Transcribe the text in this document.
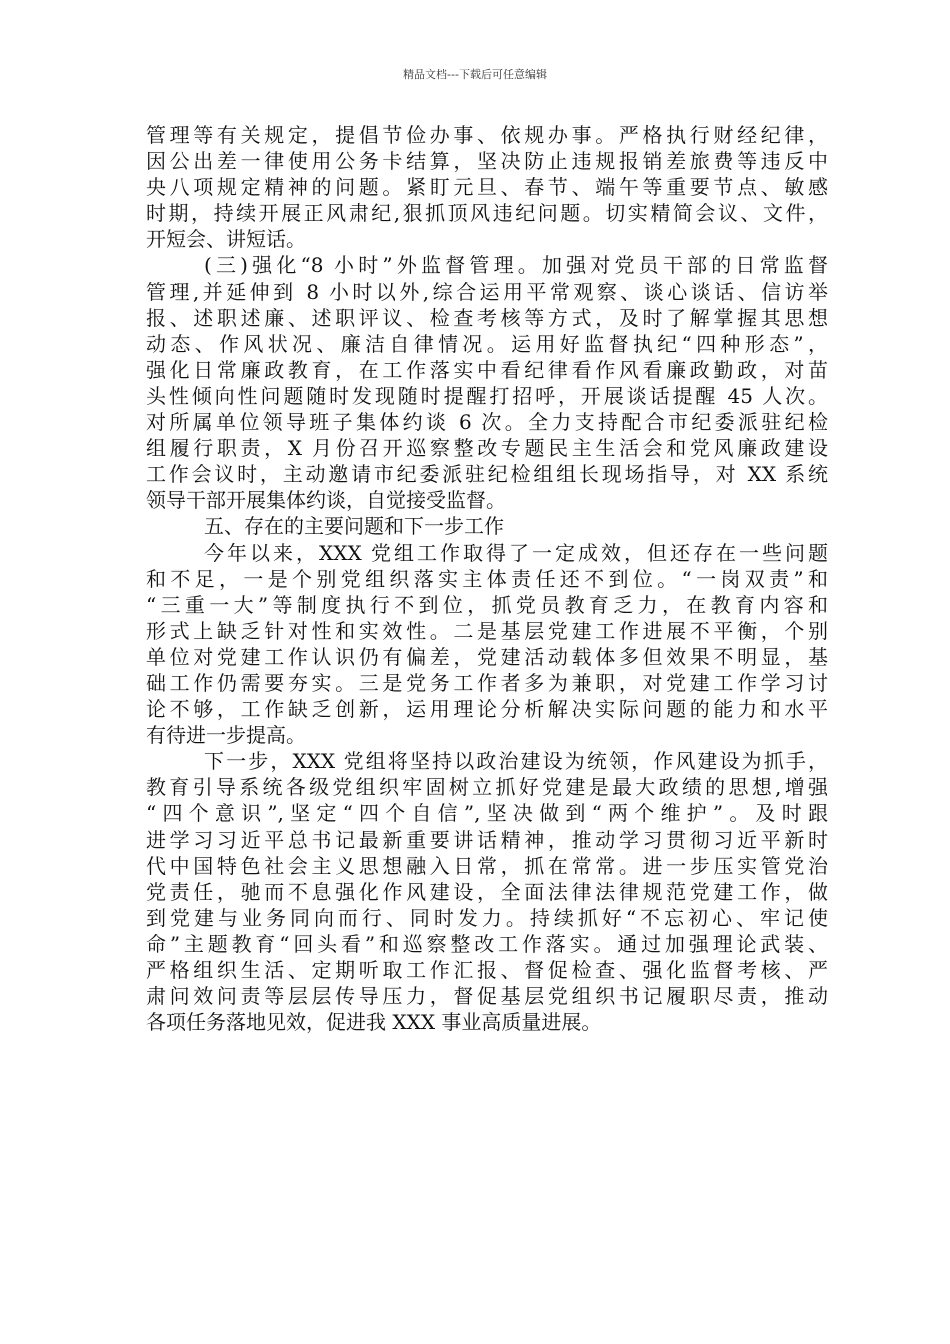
精品文档---下载后可任意编辑

管理等有关规定，提倡节俭办事、依规办事。严格执行财经纪律，

因公出差一律使用公务卡结算，坚决防止违规报销差旅费等违反中

央八项规定精神的问题。紧盯元旦、春节、端午等重要节点、敏感

时期，持续开展正风肃纪,狠抓顶风违纪问题。切实精简会议、文件，

开短会、讲短话。

(三)强化“8 小时”外监督管理。加强对党员干部的日常监督

管理,并延伸到 8 小时以外,综合运用平常观察、谈心谈话、信访举

报、述职述廉、述职评议、检查考核等方式，及时了解掌握其思想

动态、作风状况、廉洁自律情况。运用好监督执纪“四种形态”，

强化日常廉政教育，在工作落实中看纪律看作风看廉政勤政，对苗

头性倾向性问题随时发现随时提醒打招呼，开展谈话提醒 45 人次。

对所属单位领导班子集体约谈 6 次。全力支持配合市纪委派驻纪检

组履行职责，X 月份召开巡察整改专题民主生活会和党风廉政建设

工作会议时，主动邀请市纪委派驻纪检组组长现场指导，对 XX 系统

领导干部开展集体约谈，自觉接受监督。

五、存在的主要问题和下一步工作

今年以来，XXX 党组工作取得了一定成效，但还存在一些问题

和不足，一是个别党组织落实主体责任还不到位。“一岗双责”和

“三重一大”等制度执行不到位，抓党员教育乏力，在教育内容和

形式上缺乏针对性和实效性。二是基层党建工作进展不平衡，个别

单位对党建工作认识仍有偏差，党建活动载体多但效果不明显，基

础工作仍需要夯实。三是党务工作者多为兼职，对党建工作学习讨

论不够，工作缺乏创新，运用理论分析解决实际问题的能力和水平

有待进一步提高。

下一步，XXX 党组将坚持以政治建设为统领，作风建设为抓手，

教育引导系统各级党组织牢固树立抓好党建是最大政绩的思想,增强

“四个意识”,坚定“四个自信”,坚决做到“两个维护”。及时跟

进学习习近平总书记最新重要讲话精神，推动学习贯彻习近平新时

代中国特色社会主义思想融入日常，抓在常常。进一步压实管党治

党责任，驰而不息强化作风建设，全面法律法律规范党建工作，做

到党建与业务同向而行、同时发力。持续抓好“不忘初心、牢记使

命”主题教育“回头看”和巡察整改工作落实。通过加强理论武装、

严格组织生活、定期听取工作汇报、督促检查、强化监督考核、严

肃问效问责等层层传导压力，督促基层党组织书记履职尽责，推动

各项任务落地见效，促进我 XXX 事业高质量进展。
